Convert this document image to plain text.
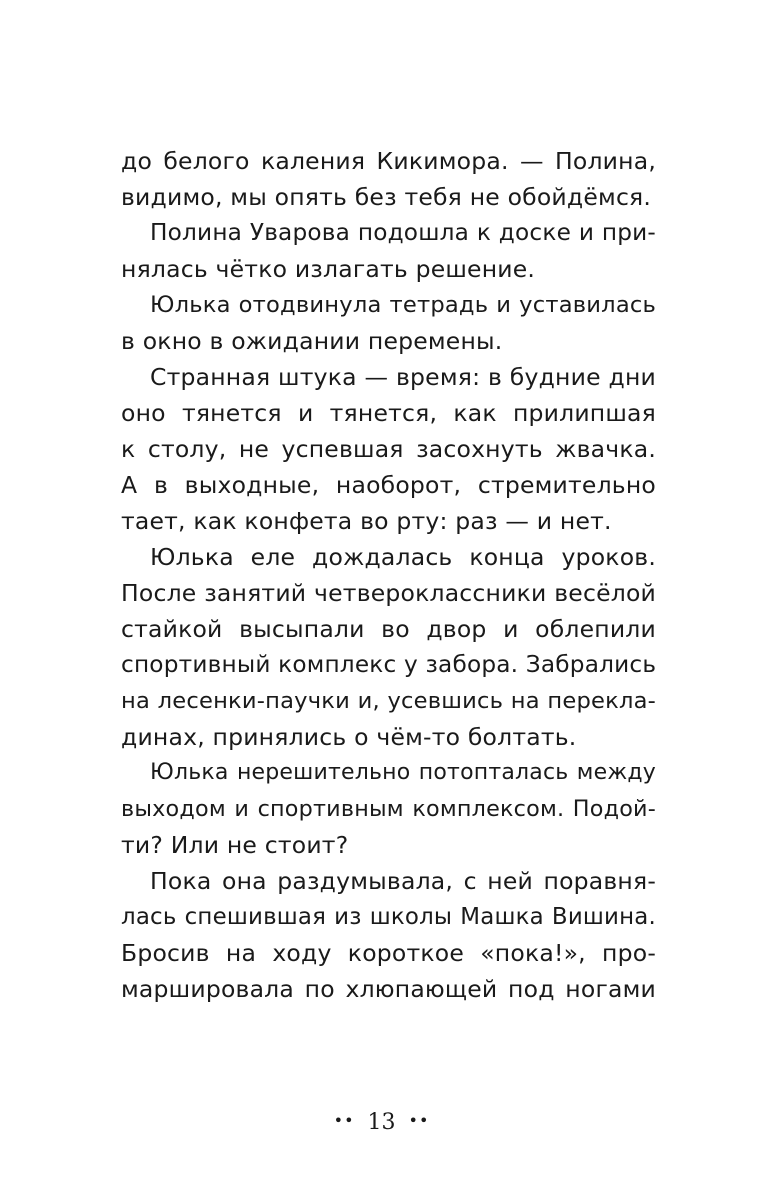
до белого каления Кикимора. — Полина,
видимо, мы опять без тебя не обойдёмся.
Полина Уварова подошла к доске и при-
нялась чётко излагать решение.
Юлька отодвинула тетрадь и уставилась
в окно в ожидании перемены.
Странная штука — время: в будние дни
оно тянется и тянется, как прилипшая
к столу, не успевшая засохнуть жвачка.
А в выходные, наоборот, стремительно
тает, как конфета во рту: раз — и нет.
Юлька еле дождалась конца уроков.
После занятий четвероклассники весёлой
стайкой высыпали во двор и облепили
спортивный комплекс у забора. Забрались
на лесенки-паучки и, усевшись на перекла-
динах, принялись о чём-то болтать.
Юлька нерешительно потопталась между
выходом и спортивным комплексом. Подой-
ти? Или не стоит?
Пока она раздумывала, с ней поравня-
лась спешившая из школы Машка Вишина.
Бросив на ходу короткое «пока!», про-
маршировала по хлюпающей под ногами
•• 13 ••
